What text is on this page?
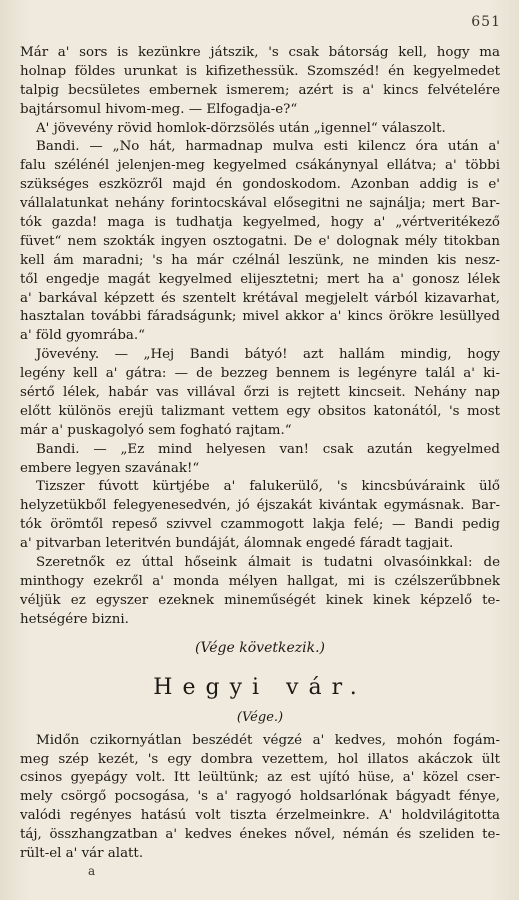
651
Már a' sors is kezünkre játszik, 's csak bátorság kell, hogy ma
holnap földes urunkat is kifizethessük. Szomszéd! én kegyelmedet
talpig becsületes embernek ismerem; azért is a' kincs felvételére
bajtársomul hivom-meg. — Elfogadja-e?“
A' jövevény rövid homlok-dörzsölés után „igennel“ válaszolt.
Bandi. — „No hát, harmadnap mulva esti kilencz óra után a'
falu szélénél jelenjen-meg kegyelmed csákánynyal ellátva; a' többi
szükséges eszközről majd én gondoskodom. Azonban addig is e'
vállalatunkat nehány forintocskával elősegitni ne sajnálja; mert Bar-
tók gazda! maga is tudhatja kegyelmed, hogy a' „vértveritékező
füvet“ nem szokták ingyen osztogatni. De e' dolognak mély titokban
kell ám maradni; 's ha már czélnál leszünk, ne minden kis nesz-
től engedje magát kegyelmed elijesztetni; mert ha a' gonosz lélek
a' barkával képzett és szentelt krétával megjelelt várból kizavarhat,
hasztalan további fáradságunk; mivel akkor a' kincs örökre lesüllyed
a' föld gyomrába.“
Jövevény. — „Hej Bandi bátyó! azt hallám mindig, hogy
legény kell a' gátra: — de bezzeg bennem is legényre talál a' ki-
sértő lélek, habár vas villával őrzi is rejtett kincseit. Nehány nap
előtt különös erejü talizmant vettem egy obsitos katonától, 's most
már a' puskagolyó sem fogható rajtam.“
Bandi. — „Ez mind helyesen van! csak azután kegyelmed
embere legyen szavának!“
Tizszer fúvott kürtjébe a' falukerülő, 's kincsbúváraink ülő
helyzetükből felegyenesedvén, jó éjszakát kivántak egymásnak. Bar-
tók örömtől repeső szivvel czammogott lakja felé; — Bandi pedig
a' pitvarban leteritvén bundáját, álomnak engedé fáradt tagjait.
Szeretnők ez úttal hőseink álmait is tudatni olvasóinkkal: de
minthogy ezekről a' monda mélyen hallgat, mi is czélszerűbbnek
véljük ez egyszer ezeknek mineműségét kinek kinek képzelő te-
hetségére bizni.
(Vége következik.)
Hegyi vár.
(Vége.)
Midőn czikornyátlan beszédét végzé a' kedves, mohón fogám-
meg szép kezét, 's egy dombra vezettem, hol illatos akáczok ült
csinos gyepágy volt. Itt leültünk; az est ujító hüse, a' közel cser-
mely csörgő pocsogása, 's a' ragyogó holdsarlónak bágyadt fénye,
valódi regényes hatású volt tiszta érzelmeinkre. A' holdvilágitotta
táj, összhangzatban a' kedves énekes nővel, némán és szeliden te-
rült-el a' vár alatt.
a
